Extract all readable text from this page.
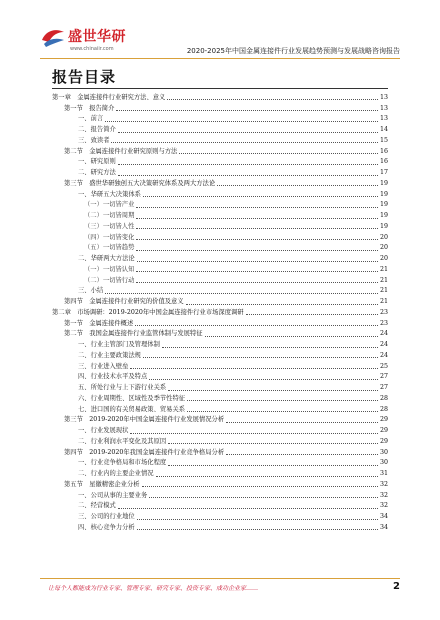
盛世华研
www.chinaiir.com	2020-2025年中国金属连接件行业发展趋势预测与发展战略咨询报告
报告目录
第一章　金属连接件行业研究方法、意义	13
第一节　报告简介	13
一、前言	13
二、报告简介	14
三、致读者	15
第二节　金属连接件行业研究原则与方法	16
一、研究原则	16
二、研究方法	17
第三节　盛世华研独创五大决策研究体系及两大方法论	19
一、华研五大决策体系	19
（一）一切皆产业	19
（二）一切皆周期	19
（三）一切皆人性	19
（四）一切皆变化	20
（五）一切皆趋势	20
二、华研两大方法论	20
（一）一切皆认知	21
（二）一切皆行动	21
三、小结	21
第四节　金属连接件行业研究的价值及意义	21
第二章　市场调研：2019-2020年中国金属连接件行业市场深度调研	23
第一节　金属连接件概述	23
第二节　我国金属连接件行业监管体制与发展特征	24
一、行业主管部门及管理体制	24
二、行业主要政策法规	24
三、行业进入壁垒	25
四、行业技术水平及特点	27
五、所处行业与上下游行业关系	27
六、行业周期性、区域性及季节性特征	28
七、进口国的有关贸易政策、贸易关系	28
第三节　2019-2020年中国金属连接件行业发展情况分析	29
一、行业发展现状	29
二、行业利润水平变化及其原因	29
第四节　2019-2020年我国金属连接件行业竞争格局分析	30
一、行业竞争格局和市场化程度	30
二、行业内的主要企业情况	31
第五节　星徽精密企业分析	32
一、公司从事的主要业务	32
二、经营模式	32
三、公司的行业地位	34
四、核心竞争力分析	34
让每个人都能成为行业专家、管理专家、研究专家、投资专家、成功企业家……	2
